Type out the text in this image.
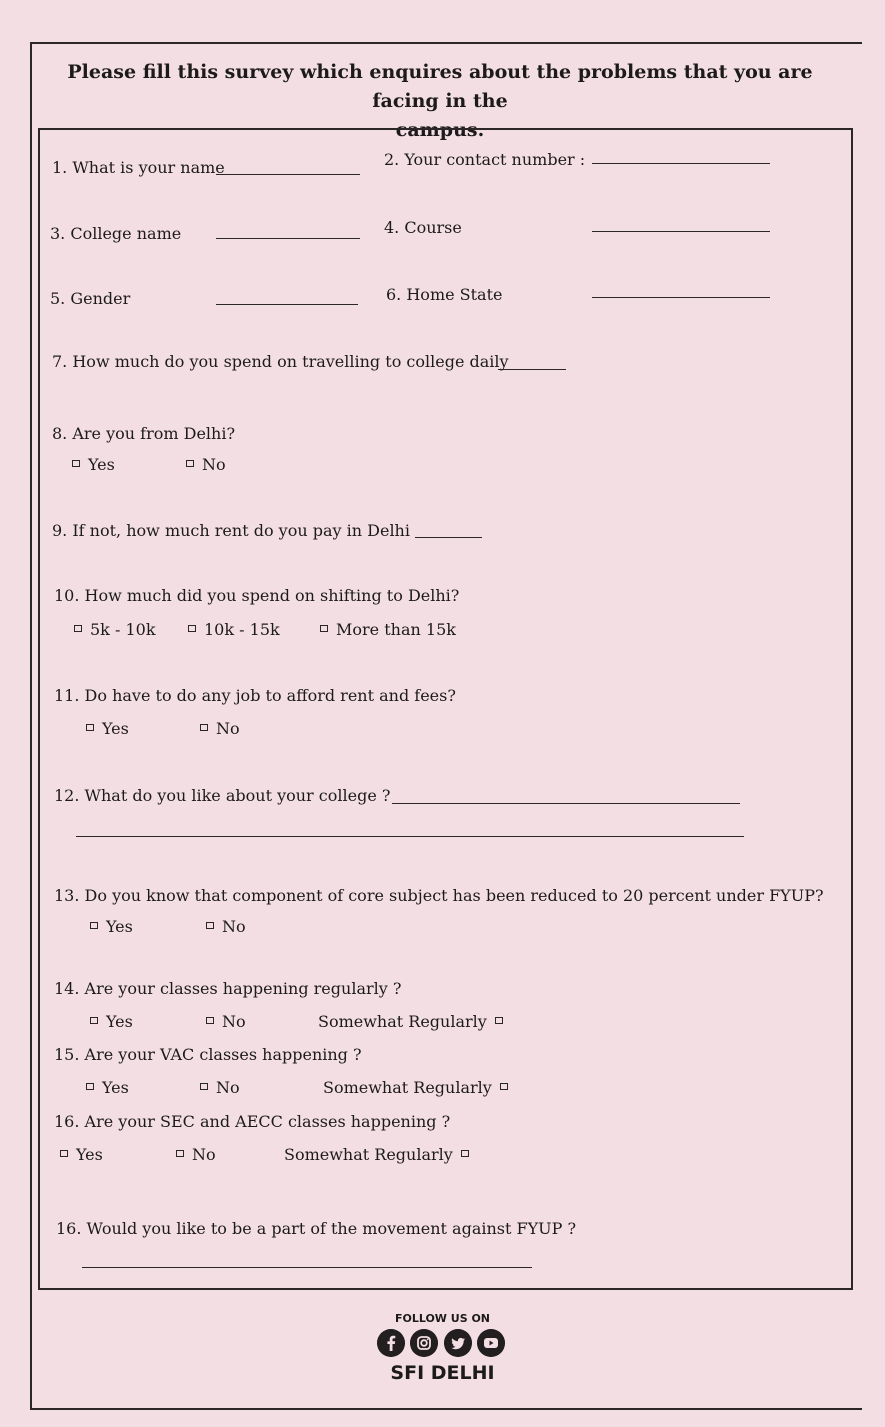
Please fill this survey which enquires about the problems that you are facing in the
campus.
1. What is your name	2. Your contact number :
3. College name	4. Course
5. Gender	6. Home State
7. How much do you spend on travelling to college daily
8. Are you from Delhi?
Yes	No
9. If not, how much rent do you pay in Delhi
10. How much did you spend on shifting to Delhi?
5k - 10k	10k - 15k	More than 15k
11. Do have to do any job to afford rent and fees?
Yes	No
12. What do you like about your college ?
13. Do you know that component of core subject has been reduced to 20 percent under FYUP?
Yes	No
14. Are your classes happening regularly ?
Yes	No	Somewhat Regularly
15. Are your VAC classes happening ?
Yes	No	Somewhat Regularly
16. Are your SEC and AECC classes happening ?
Yes	No	Somewhat Regularly
16. Would you like to be a part of the movement against FYUP ?
FOLLOW US ON
SFI DELHI
